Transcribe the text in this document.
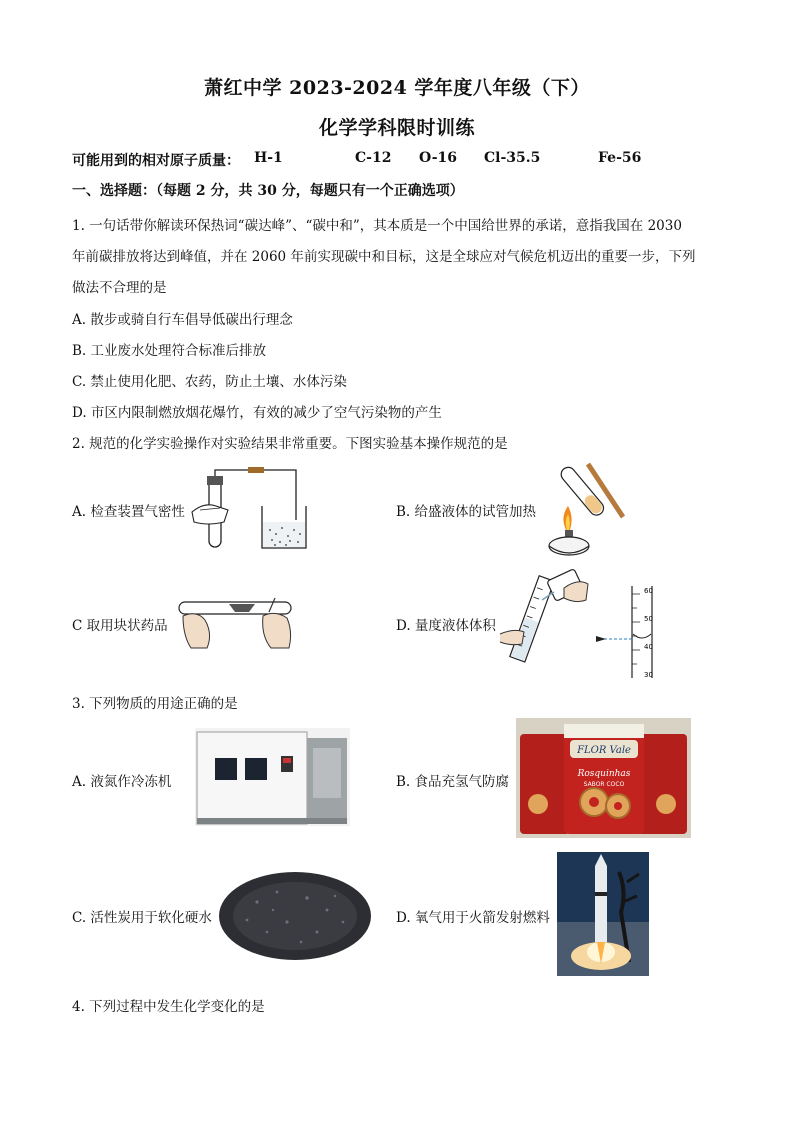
萧红中学 2023-2024 学年度八年级（下）
化学学科限时训练
可能用到的相对原子质量： H-1	C-12 O-16 Cl-35.5	Fe-56
一、选择题：（每题 2 分，共 30 分，每题只有一个正确选项）
1. 一句话带你解读环保热词“碳达峰”、“碳中和”，其本质是一个中国给世界的承诺，意指我国在 2030
年前碳排放将达到峰值，并在 2060 年前实现碳中和目标，这是全球应对气候危机迈出的重要一步，下列
做法不合理的是
A. 散步或骑自行车倡导低碳出行理念
B. 工业废水处理符合标准后排放
C. 禁止使用化肥、农药，防止土壤、水体污染
D. 市区内限制燃放烟花爆竹，有效的减少了空气污染物的产生
2. 规范的化学实验操作对实验结果非常重要。下图实验基本操作规范的是
A. 检查装置气密性	B. 给盛液体的试管加热
C 取用块状药品	D. 量度液体体积
60
50
40
30
3. 下列物质的用途正确的是
A. 液氮作冷冻机	B. 食品充氢气防腐
C. 活性炭用于软化硬水	D. 氧气用于火箭发射燃料
FLOR Vale
Rosquinhas
SABOR COCO
4. 下列过程中发生化学变化的是
